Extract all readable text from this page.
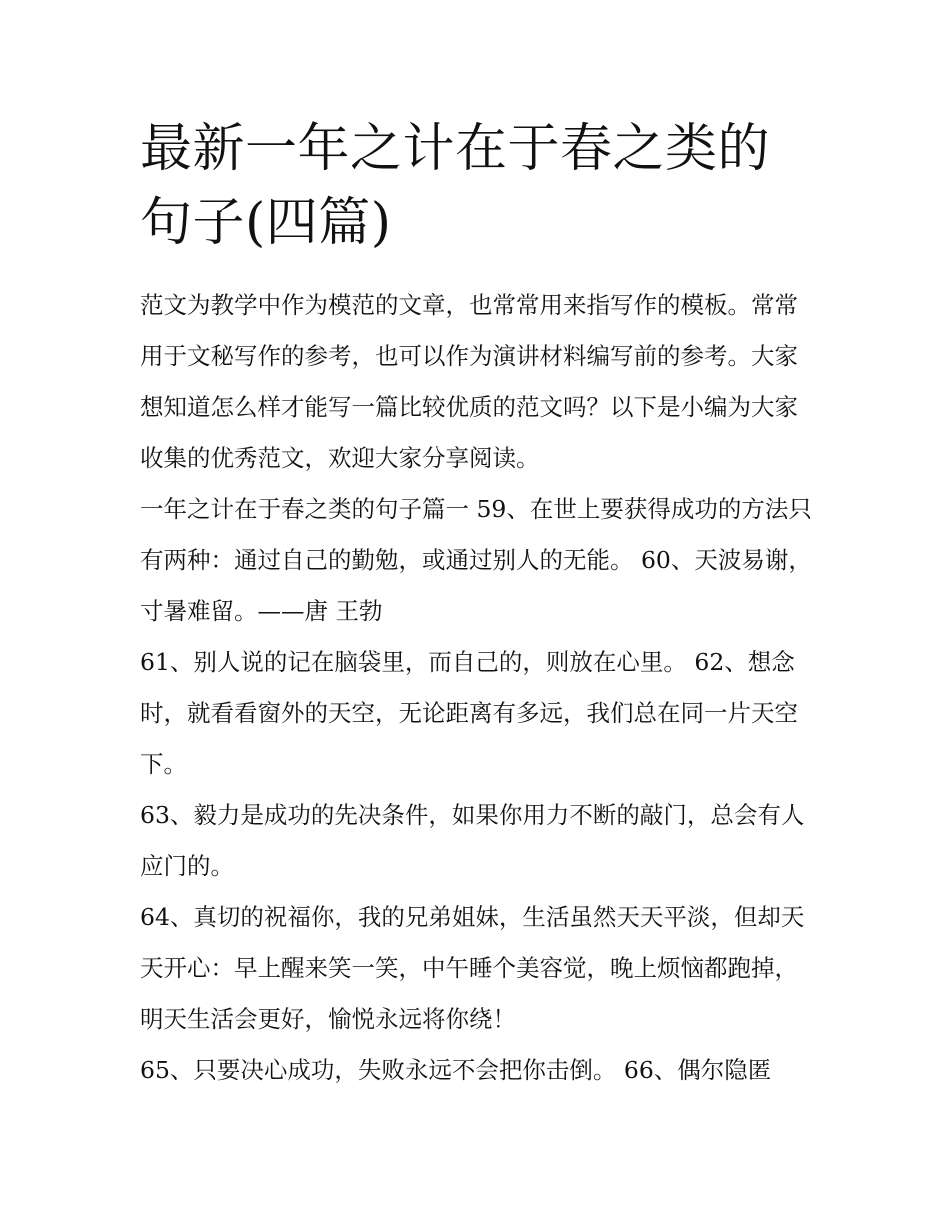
最新一年之计在于春之类的句子(四篇)

范文为教学中作为模范的文章，也常常用来指写作的模板。常常用于文秘写作的参考，也可以作为演讲材料编写前的参考。大家想知道怎么样才能写一篇比较优质的范文吗？以下是小编为大家收集的优秀范文，欢迎大家分享阅读。

一年之计在于春之类的句子篇一 59、在世上要获得成功的方法只有两种：通过自己的勤勉，或通过别人的无能。 60、天波易谢，寸暑难留。——唐 王勃

61、别人说的记在脑袋里，而自己的，则放在心里。 62、想念时，就看看窗外的天空，无论距离有多远，我们总在同一片天空下。

63、毅力是成功的先决条件，如果你用力不断的敲门，总会有人应门的。

64、真切的祝福你，我的兄弟姐妹，生活虽然天天平淡，但却天天开心：早上醒来笑一笑，中午睡个美容觉，晚上烦恼都跑掉，明天生活会更好，愉悦永远将你绕！

65、只要决心成功，失败永远不会把你击倒。 66、偶尔隐匿
